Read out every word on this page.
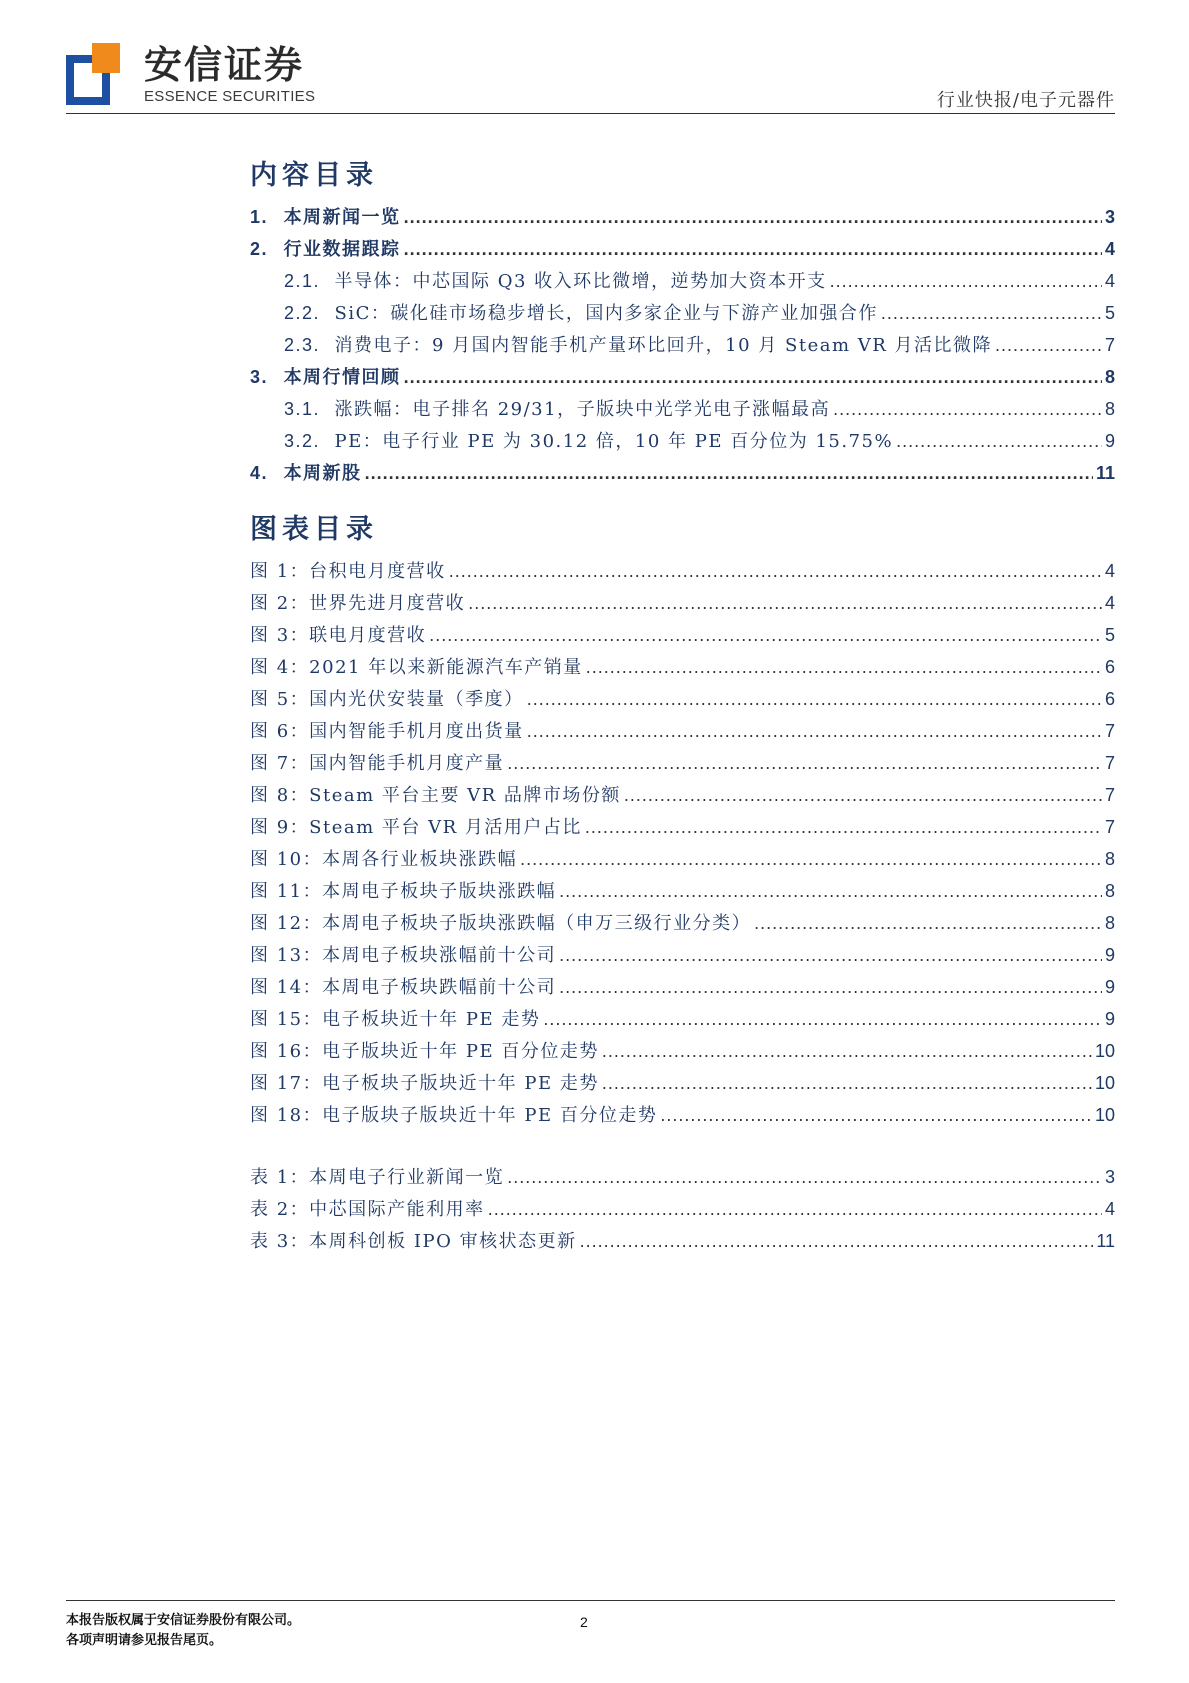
安信证券
ESSENCE SECURITIES	行业快报/电子元器件
内容目录
1. 本周新闻一览 .....	3
2. 行业数据跟踪 .....	4
2.1. 半导体：中芯国际 Q3 收入环比微增，逆势加大资本开支 .....	4
2.2. SiC：碳化硅市场稳步增长，国内多家企业与下游产业加强合作 .....	5
2.3. 消费电子：9 月国内智能手机产量环比回升，10 月 Steam VR 月活比微降 .....	7
3. 本周行情回顾 .....	8
3.1. 涨跌幅：电子排名 29/31，子版块中光学光电子涨幅最高 .....	8
3.2. PE：电子行业 PE 为 30.12 倍，10 年 PE 百分位为 15.75% .....	9
4. 本周新股 .....	11
图表目录
图 1：台积电月度营收 .....	4
图 2：世界先进月度营收 .....	4
图 3：联电月度营收 .....	5
图 4：2021 年以来新能源汽车产销量 .....	6
图 5：国内光伏安装量（季度） .....	6
图 6：国内智能手机月度出货量 .....	7
图 7：国内智能手机月度产量 .....	7
图 8：Steam 平台主要 VR 品牌市场份额 .....	7
图 9：Steam 平台 VR 月活用户占比 .....	7
图 10：本周各行业板块涨跌幅 .....	8
图 11：本周电子板块子版块涨跌幅 .....	8
图 12：本周电子板块子版块涨跌幅（申万三级行业分类） .....	8
图 13：本周电子板块涨幅前十公司 .....	9
图 14：本周电子板块跌幅前十公司 .....	9
图 15：电子板块近十年 PE 走势 .....	9
图 16：电子版块近十年 PE 百分位走势 .....	10
图 17：电子板块子版块近十年 PE 走势 .....	10
图 18：电子版块子版块近十年 PE 百分位走势 .....	10
表 1：本周电子行业新闻一览 .....	3
表 2：中芯国际产能利用率 .....	4
表 3：本周科创板 IPO 审核状态更新 .....	11
本报告版权属于安信证券股份有限公司。
各项声明请参见报告尾页。
2
